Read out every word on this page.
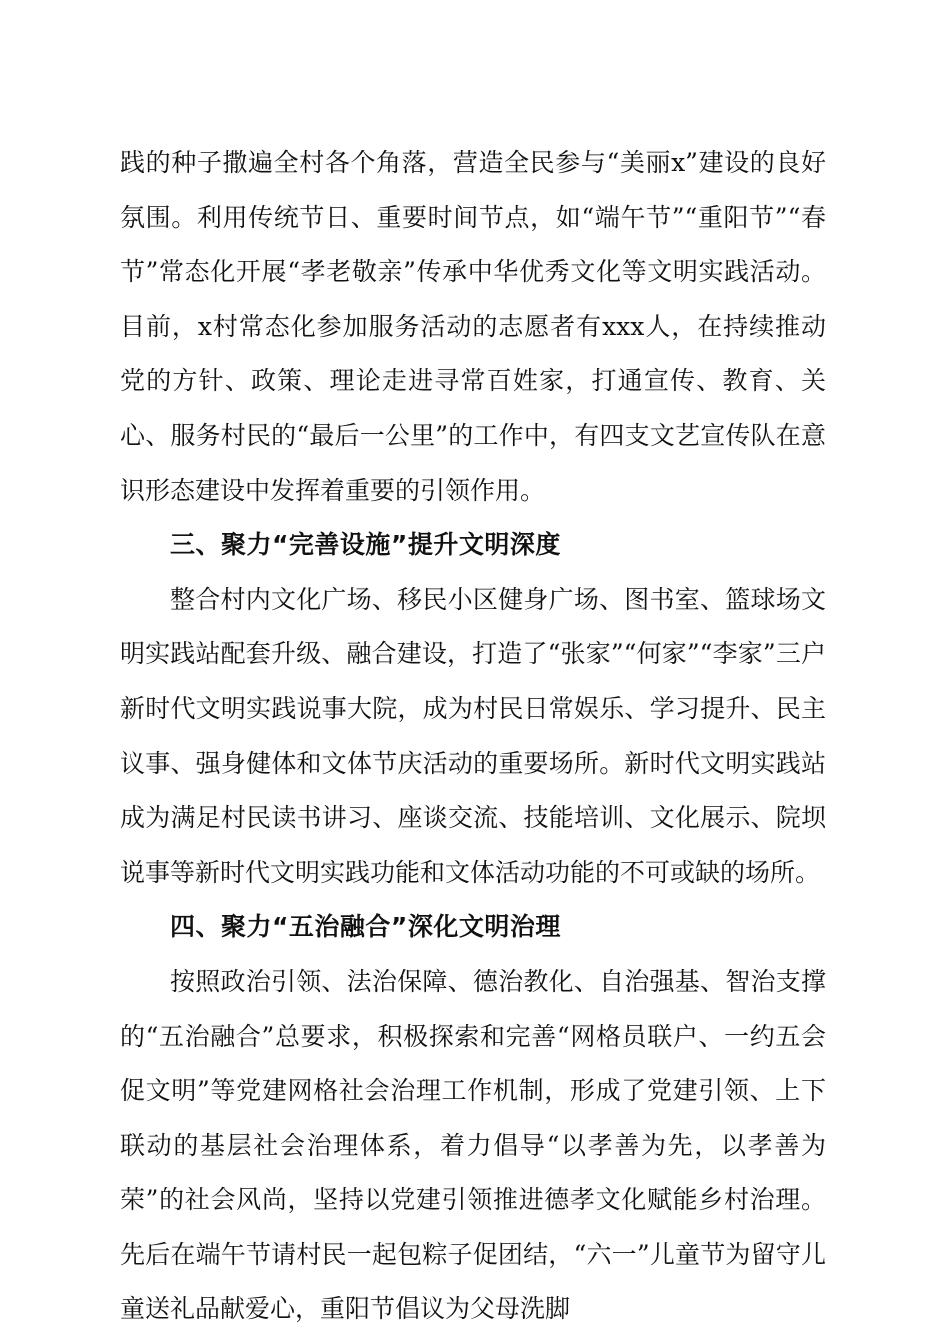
践的种子撒遍全村各个角落，营造全民参与“美丽x”建设的良好氛围。利用传统节日、重要时间节点，如“端午节”“重阳节”“春节”常态化开展“孝老敬亲”传承中华优秀文化等文明实践活动。目前，x村常态化参加服务活动的志愿者有xxx人，在持续推动党的方针、政策、理论走进寻常百姓家，打通宣传、教育、关心、服务村民的“最后一公里”的工作中，有四支文艺宣传队在意识形态建设中发挥着重要的引领作用。

三、聚力“完善设施”提升文明深度

整合村内文化广场、移民小区健身广场、图书室、篮球场文明实践站配套升级、融合建设，打造了“张家”“何家”“李家”三户新时代文明实践说事大院，成为村民日常娱乐、学习提升、民主议事、强身健体和文体节庆活动的重要场所。新时代文明实践站成为满足村民读书讲习、座谈交流、技能培训、文化展示、院坝说事等新时代文明实践功能和文体活动功能的不可或缺的场所。

四、聚力“五治融合”深化文明治理

按照政治引领、法治保障、德治教化、自治强基、智治支撑的“五治融合”总要求，积极探索和完善“网格员联户、一约五会促文明”等党建网格社会治理工作机制，形成了党建引领、上下联动的基层社会治理体系，着力倡导“以孝善为先，以孝善为荣”的社会风尚，坚持以党建引领推进德孝文化赋能乡村治理。先后在端午节请村民一起包粽子促团结，“六一”儿童节为留守儿童送礼品献爱心，重阳节倡议为父母洗脚
